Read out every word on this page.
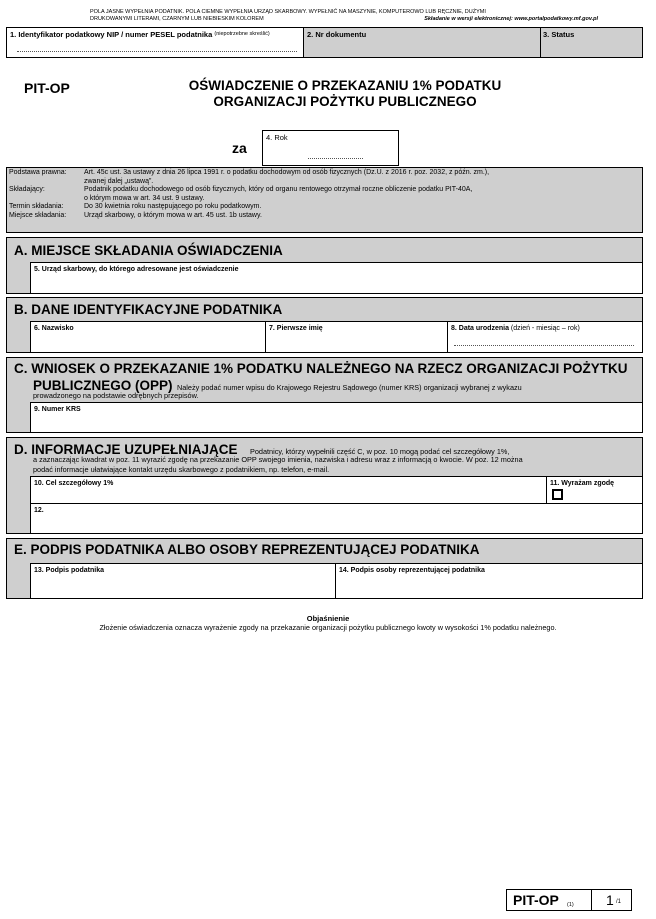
POLA JASNE WYPEŁNIA PODATNIK. POLA CIEMNE WYPEŁNIA URZĄD SKARBOWY. WYPEŁNIĆ NA MASZYNIE, KOMPUTEROWO LUB RĘCZNIE, DUŻYMI
DRUKOWANYMI LITERAMI, CZARNYM LUB NIEBIESKIM KOLOREM	Składanie w wersji elektronicznej: www.portalpodatkowy.mf.gov.pl
1. Identyfikator podatkowy NIP / numer PESEL podatnika $^{(niepotrzebne skreślić)}$	2. Nr dokumentu	3. Status
PIT-OP	OŚWIADCZENIE O PRZEKAZANIU 1% PODATKU
ORGANIZACJI POŻYTKU PUBLICZNEGO
za
4. Rok
Podstawa prawna:	Art. 45c ust. 3a ustawy z dnia 26 lipca 1991 r. o podatku dochodowym od osób fizycznych (Dz.U. z 2016 r. poz. 2032, z późn. zm.),
zwanej dalej „ustawą”.
Składający:	Podatnik podatku dochodowego od osób fizycznych, który od organu rentowego otrzymał roczne obliczenie podatku PIT-40A,
o którym mowa w art. 34 ust. 9 ustawy.
Termin składania:	Do 30 kwietnia roku następującego po roku podatkowym.
Miejsce składania:	Urząd skarbowy, o którym mowa w art. 45 ust. 1b ustawy.
A. MIEJSCE SKŁADANIA OŚWIADCZENIA
5. Urząd skarbowy, do którego adresowane jest oświadczenie
B. DANE IDENTYFIKACYJNE PODATNIKA
6. Nazwisko	7. Pierwsze imię	8. Data urodzenia (dzień - miesiąc – rok)
C. WNIOSEK O PRZEKAZANIE 1% PODATKU NALEŻNEGO NA RZECZ ORGANIZACJI POŻYTKU
PUBLICZNEGO (OPP) Należy podać numer wpisu do Krajowego Rejestru Sądowego (numer KRS) organizacji wybranej z wykazu
prowadzonego na podstawie odrębnych przepisów.
9. Numer KRS
D. INFORMACJE UZUPEŁNIAJĄCE Podatnicy, którzy wypełnili część C, w poz. 10 mogą podać cel szczegółowy 1%,
a zaznaczając kwadrat w poz. 11 wyrazić zgodę na przekazanie OPP swojego imienia, nazwiska i adresu wraz z informacją o kwocie. W poz. 12 można
podać informacje ułatwiające kontakt urzędu skarbowego z podatnikiem, np. telefon, e-mail.
10. Cel szczegółowy 1%	11. Wyrażam zgodę
12.
E. PODPIS PODATNIKA ALBO OSOBY REPREZENTUJĄCEJ PODATNIKA
13. Podpis podatnika	14. Podpis osoby reprezentującej podatnika
Objaśnienie
Złożenie oświadczenia oznacza wyrażenie zgody na przekazanie organizacji pożytku publicznego kwoty w wysokości 1% podatku należnego.
PIT-OP (1) 1 /1
